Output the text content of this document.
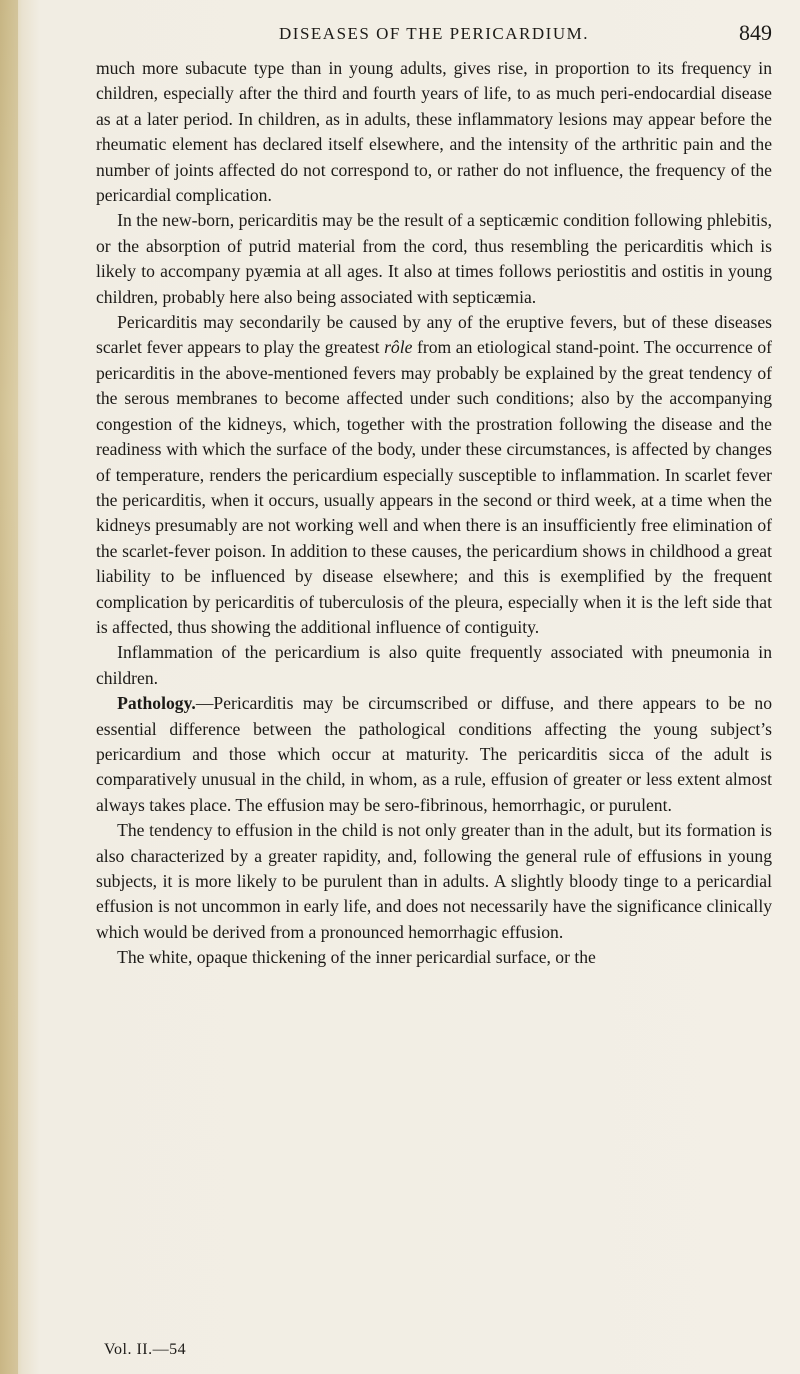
DISEASES OF THE PERICARDIUM.	849

much more subacute type than in young adults, gives rise, in proportion to its frequency in children, especially after the third and fourth years of life, to as much peri-endocardial disease as at a later period. In children, as in adults, these inflammatory lesions may appear before the rheumatic element has declared itself elsewhere, and the intensity of the arthritic pain and the number of joints affected do not correspond to, or rather do not influence, the frequency of the pericardial complication.

In the new-born, pericarditis may be the result of a septicæmic condition following phlebitis, or the absorption of putrid material from the cord, thus resembling the pericarditis which is likely to accompany pyæmia at all ages. It also at times follows periostitis and ostitis in young children, probably here also being associated with septicæmia.

Pericarditis may secondarily be caused by any of the eruptive fevers, but of these diseases scarlet fever appears to play the greatest rôle from an etiological stand-point. The occurrence of pericarditis in the above-mentioned fevers may probably be explained by the great tendency of the serous membranes to become affected under such conditions; also by the accompanying congestion of the kidneys, which, together with the prostration following the disease and the readiness with which the surface of the body, under these circumstances, is affected by changes of temperature, renders the pericardium especially susceptible to inflammation. In scarlet fever the pericarditis, when it occurs, usually appears in the second or third week, at a time when the kidneys presumably are not working well and when there is an insufficiently free elimination of the scarlet-fever poison. In addition to these causes, the pericardium shows in childhood a great liability to be influenced by disease elsewhere; and this is exemplified by the frequent complication by pericarditis of tuberculosis of the pleura, especially when it is the left side that is affected, thus showing the additional influence of contiguity.

Inflammation of the pericardium is also quite frequently associated with pneumonia in children.

Pathology.—Pericarditis may be circumscribed or diffuse, and there appears to be no essential difference between the pathological conditions affecting the young subject’s pericardium and those which occur at maturity. The pericarditis sicca of the adult is comparatively unusual in the child, in whom, as a rule, effusion of greater or less extent almost always takes place. The effusion may be sero-fibrinous, hemorrhagic, or purulent.

The tendency to effusion in the child is not only greater than in the adult, but its formation is also characterized by a greater rapidity, and, following the general rule of effusions in young subjects, it is more likely to be purulent than in adults. A slightly bloody tinge to a pericardial effusion is not uncommon in early life, and does not necessarily have the significance clinically which would be derived from a pronounced hemorrhagic effusion.

The white, opaque thickening of the inner pericardial surface, or the

Vol. II.—54
